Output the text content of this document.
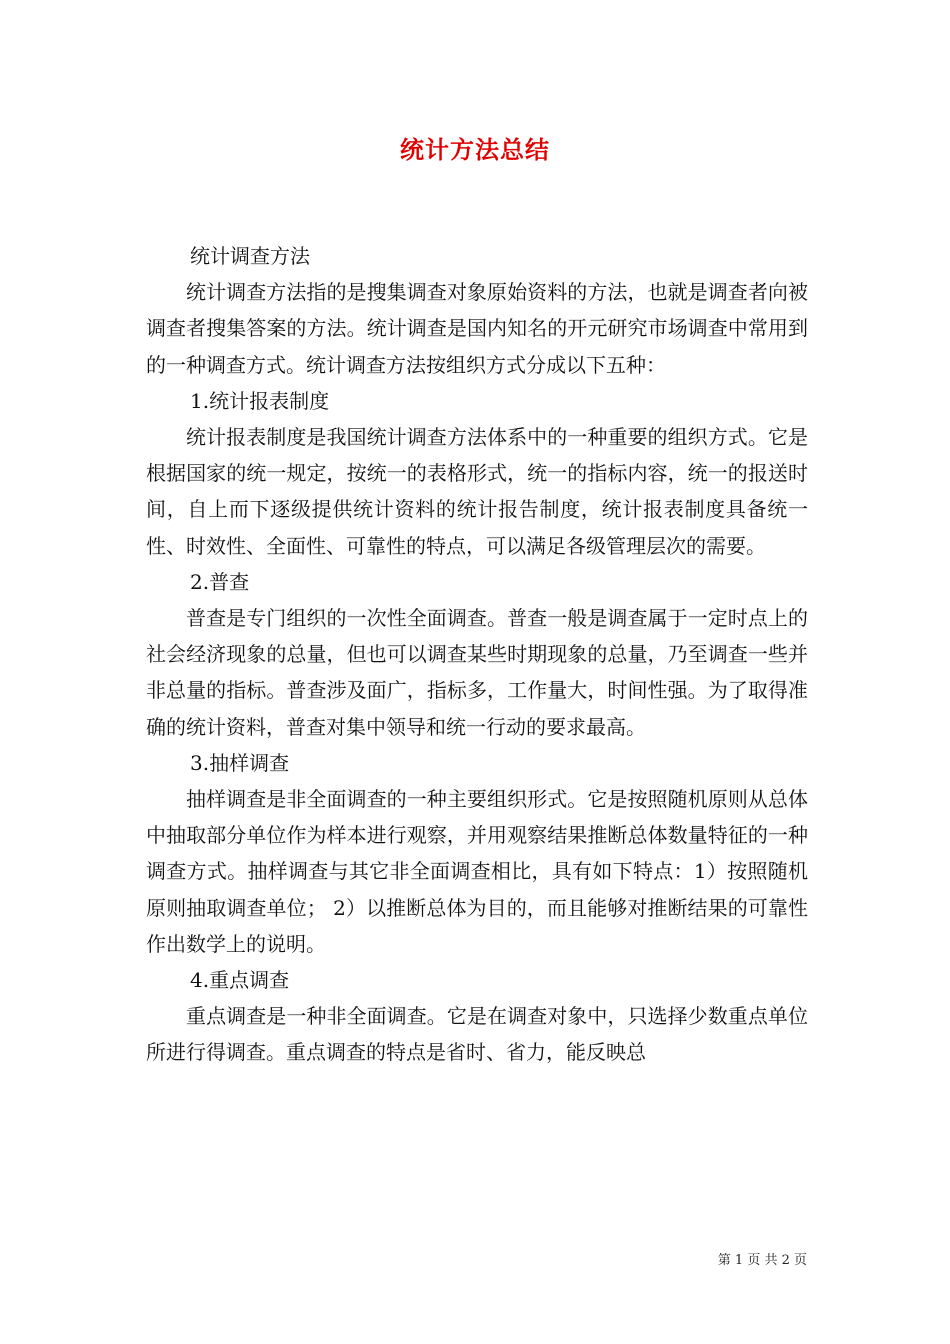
统计方法总结

统计调查方法

统计调查方法指的是搜集调查对象原始资料的方法，也就是调查者向被调查者搜集答案的方法。统计调查是国内知名的开元研究市场调查中常用到的一种调查方式。统计调查方法按组织方式分成以下五种：

1.统计报表制度

统计报表制度是我国统计调查方法体系中的一种重要的组织方式。它是根据国家的统一规定，按统一的表格形式，统一的指标内容，统一的报送时间，自上而下逐级提供统计资料的统计报告制度，统计报表制度具备统一性、时效性、全面性、可靠性的特点，可以满足各级管理层次的需要。

2.普查

普查是专门组织的一次性全面调查。普查一般是调查属于一定时点上的社会经济现象的总量，但也可以调查某些时期现象的总量，乃至调查一些并非总量的指标。普查涉及面广，指标多，工作量大，时间性强。为了取得准确的统计资料，普查对集中领导和统一行动的要求最高。

3.抽样调查

抽样调查是非全面调查的一种主要组织形式。它是按照随机原则从总体中抽取部分单位作为样本进行观察，并用观察结果推断总体数量特征的一种调查方式。抽样调查与其它非全面调查相比，具有如下特点：1）按照随机原则抽取调查单位； 2）以推断总体为目的，而且能够对推断结果的可靠性作出数学上的说明。

4.重点调查

重点调查是一种非全面调查。它是在调查对象中，只选择少数重点单位所进行得调查。重点调查的特点是省时、省力，能反映总

第 1 页 共 2 页
